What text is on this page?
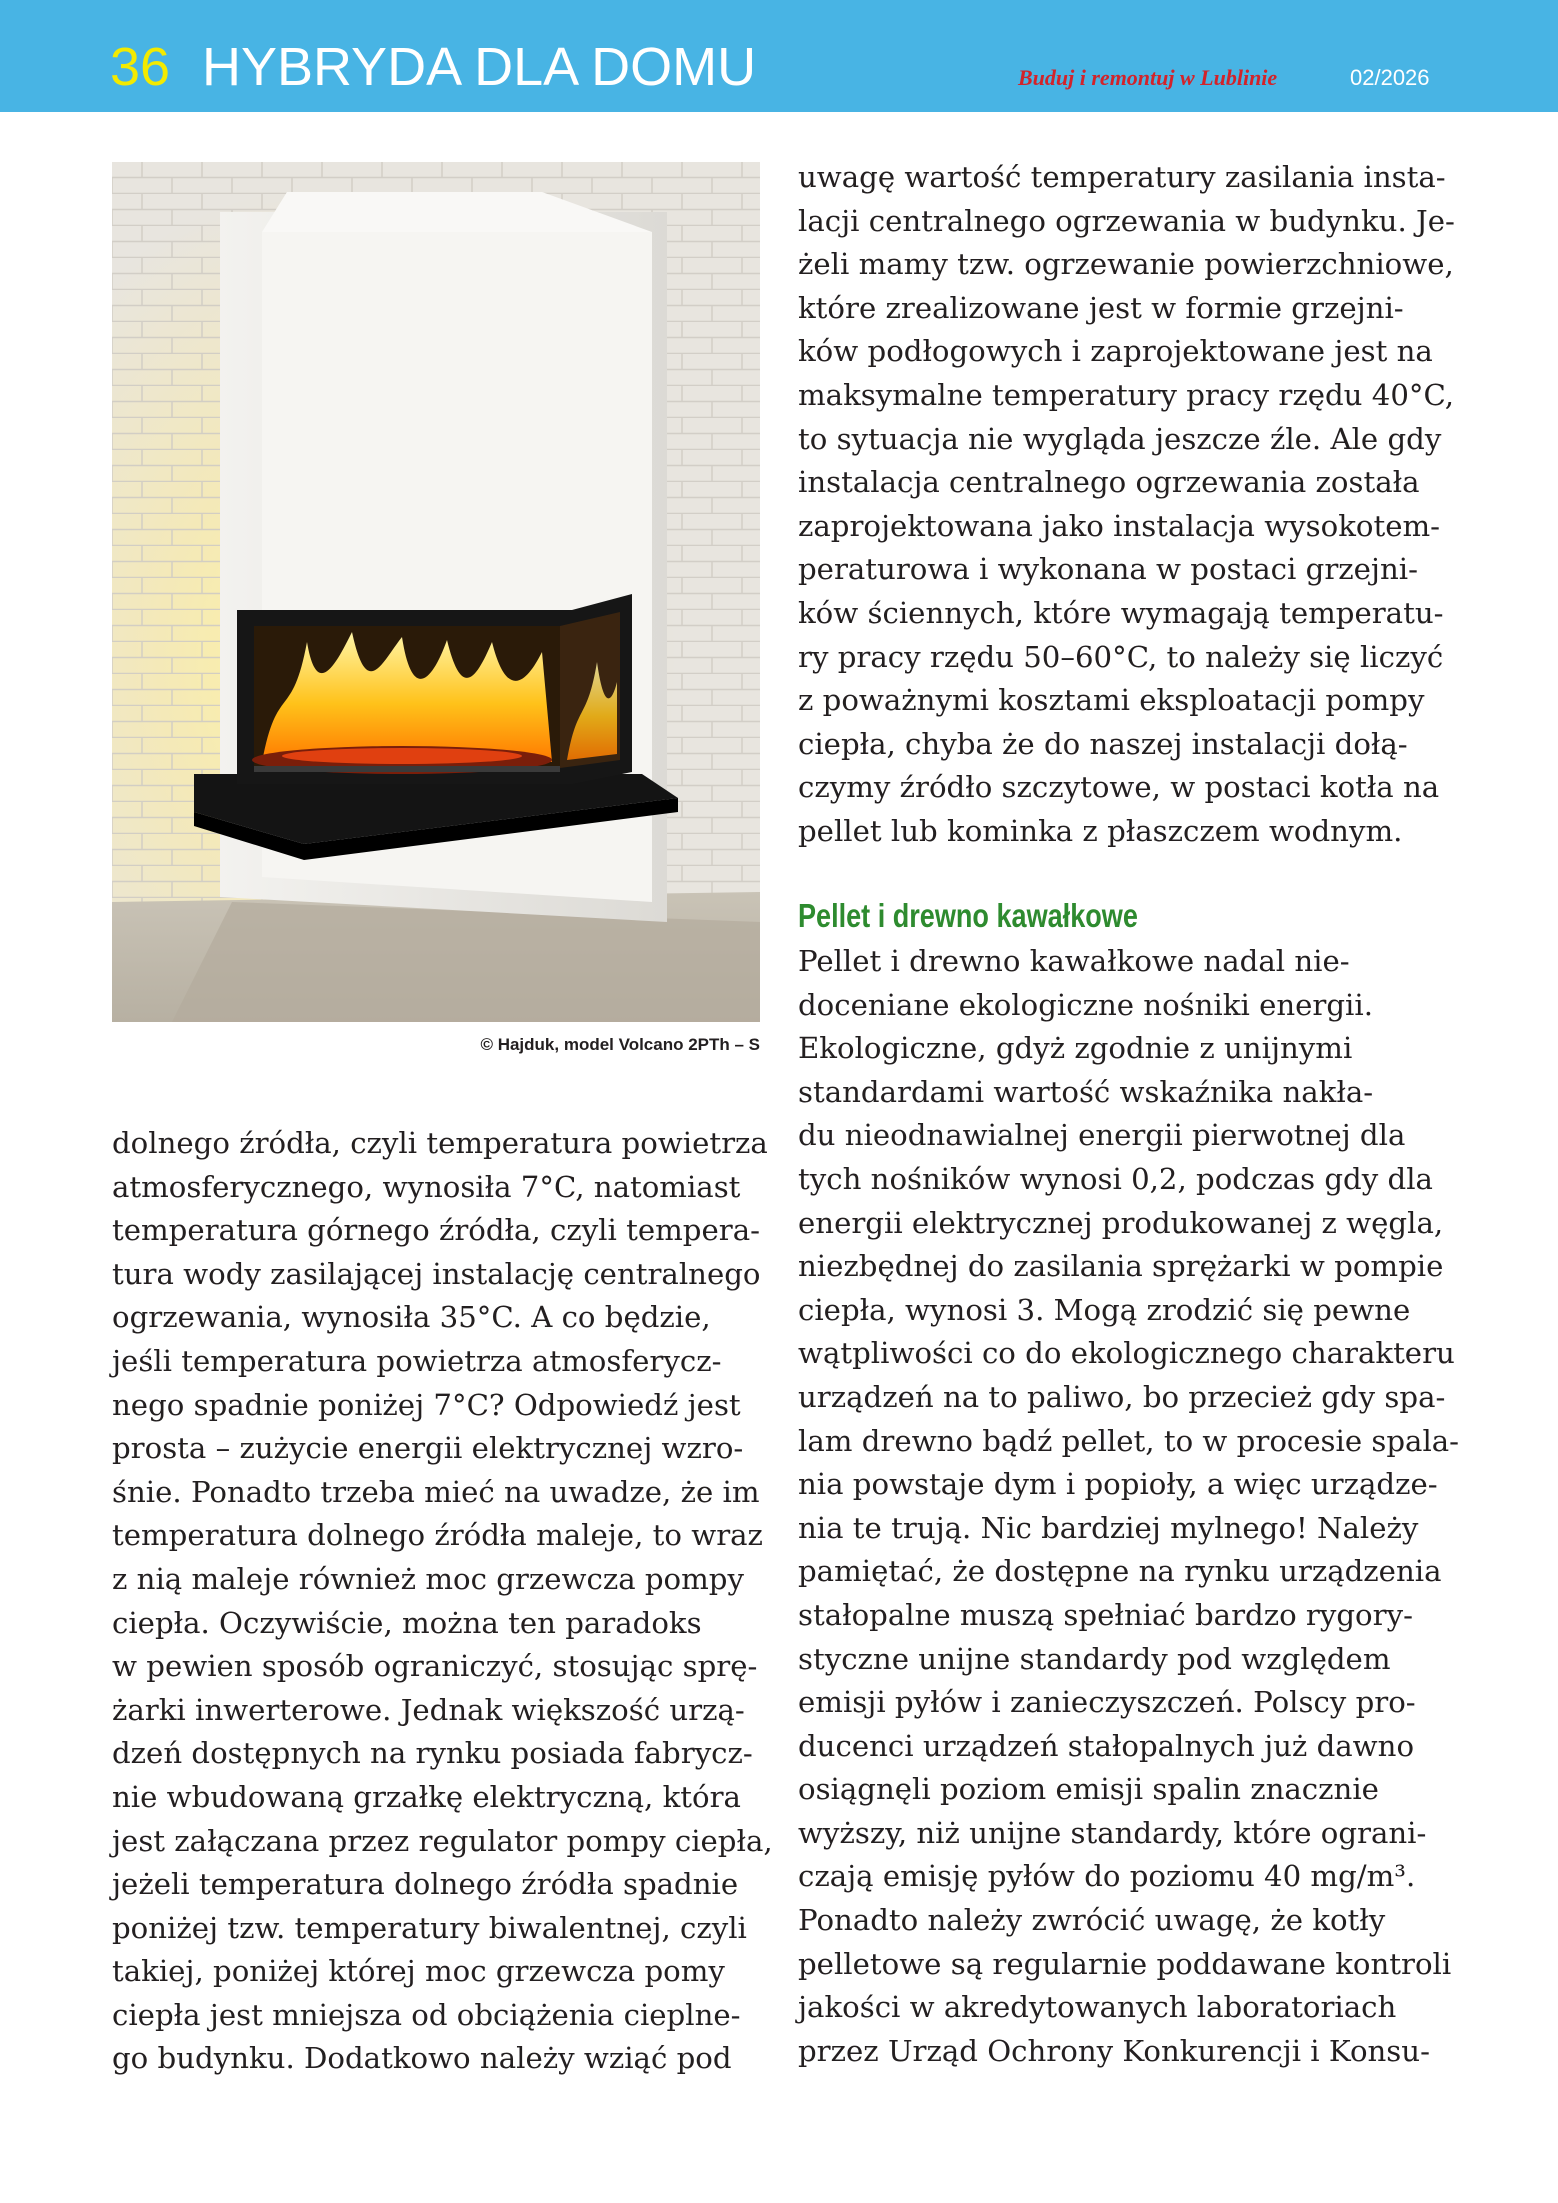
36 HYBRYDA DLA DOMU	Buduj i remontuj w Lublinie	02/2026
© Hajduk, model Volcano 2PTh – S
dolnego źródła, czyli temperatura powietrza
atmosferycznego, wynosiła 7°C, natomiast
temperatura górnego źródła, czyli tempera-
tura wody zasilającej instalację centralnego
ogrzewania, wynosiła 35°C. A co będzie,
jeśli temperatura powietrza atmosferycz-
nego spadnie poniżej 7°C? Odpowiedź jest
prosta – zużycie energii elektrycznej wzro-
śnie. Ponadto trzeba mieć na uwadze, że im
temperatura dolnego źródła maleje, to wraz
z nią maleje również moc grzewcza pompy
ciepła. Oczywiście, można ten paradoks
w pewien sposób ograniczyć, stosując sprę-
żarki inwerterowe. Jednak większość urzą-
dzeń dostępnych na rynku posiada fabrycz-
nie wbudowaną grzałkę elektryczną, która
jest załączana przez regulator pompy ciepła,
jeżeli temperatura dolnego źródła spadnie
poniżej tzw. temperatury biwalentnej, czyli
takiej, poniżej której moc grzewcza pomy
ciepła jest mniejsza od obciążenia cieplne-
go budynku. Dodatkowo należy wziąć pod
uwagę wartość temperatury zasilania insta-
lacji centralnego ogrzewania w budynku. Je-
żeli mamy tzw. ogrzewanie powierzchniowe,
które zrealizowane jest w formie grzejni-
ków podłogowych i zaprojektowane jest na
maksymalne temperatury pracy rzędu 40°C,
to sytuacja nie wygląda jeszcze źle. Ale gdy
instalacja centralnego ogrzewania została
zaprojektowana jako instalacja wysokotem-
peraturowa i wykonana w postaci grzejni-
ków ściennych, które wymagają temperatu-
ry pracy rzędu 50–60°C, to należy się liczyć
z poważnymi kosztami eksploatacji pompy
ciepła, chyba że do naszej instalacji dołą-
czymy źródło szczytowe, w postaci kotła na
pellet lub kominka z płaszczem wodnym.
Pellet i drewno kawałkowe
Pellet i drewno kawałkowe nadal nie-
doceniane ekologiczne nośniki energii.
Ekologiczne, gdyż zgodnie z unijnymi
standardami wartość wskaźnika nakła-
du nieodnawialnej energii pierwotnej dla
tych nośników wynosi 0,2, podczas gdy dla
energii elektrycznej produkowanej z węgla,
niezbędnej do zasilania sprężarki w pompie
ciepła, wynosi 3. Mogą zrodzić się pewne
wątpliwości co do ekologicznego charakteru
urządzeń na to paliwo, bo przecież gdy spa-
lam drewno bądź pellet, to w procesie spala-
nia powstaje dym i popioły, a więc urządze-
nia te trują. Nic bardziej mylnego! Należy
pamiętać, że dostępne na rynku urządzenia
stałopalne muszą spełniać bardzo rygory-
styczne unijne standardy pod względem
emisji pyłów i zanieczyszczeń. Polscy pro-
ducenci urządzeń stałopalnych już dawno
osiągnęli poziom emisji spalin znacznie
wyższy, niż unijne standardy, które ograni-
czają emisję pyłów do poziomu 40 mg/m³.
Ponadto należy zwrócić uwagę, że kotły
pelletowe są regularnie poddawane kontroli
jakości w akredytowanych laboratoriach
przez Urząd Ochrony Konkurencji i Konsu-
